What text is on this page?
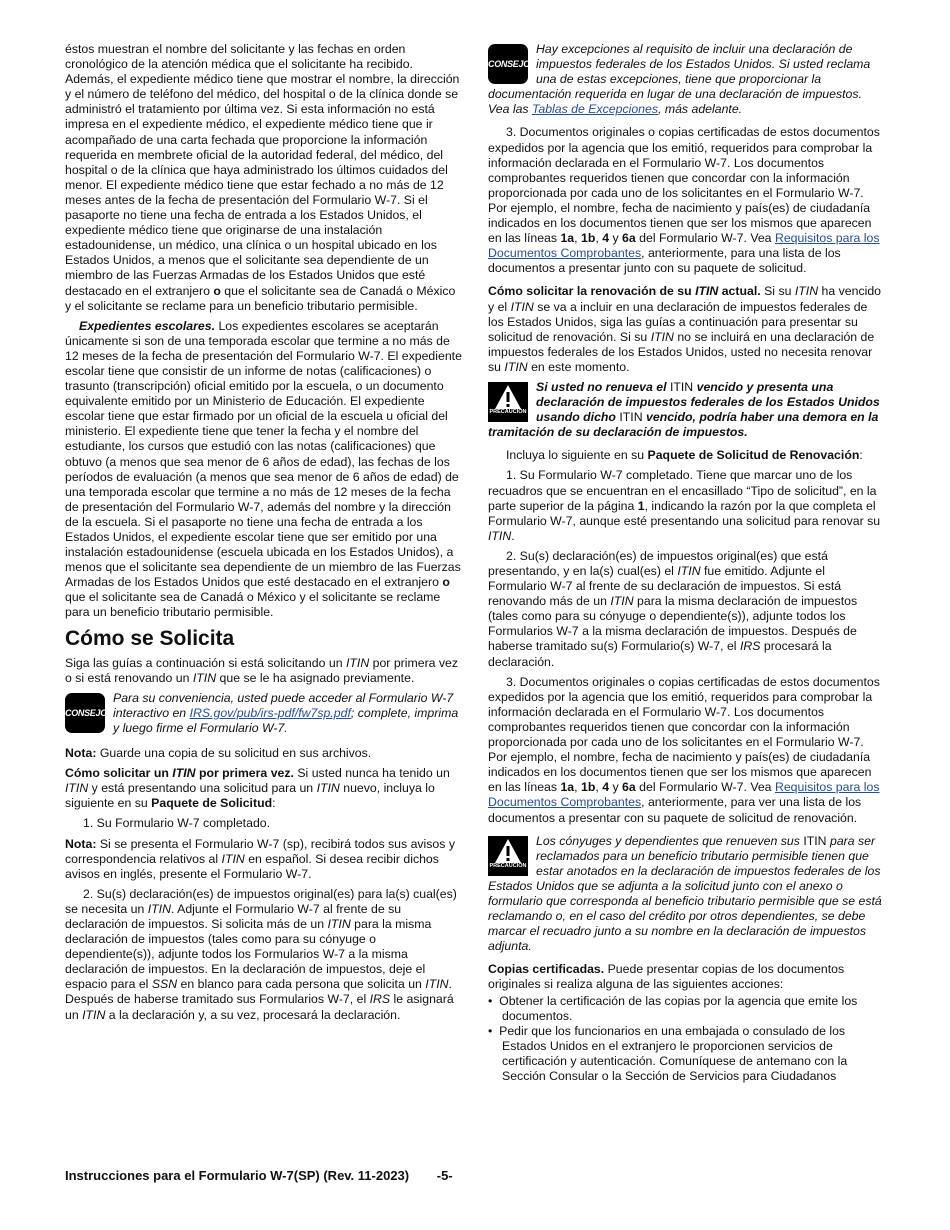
éstos muestran el nombre del solicitante y las fechas en orden cronológico de la atención médica que el solicitante ha recibido. Además, el expediente médico tiene que mostrar el nombre, la dirección y el número de teléfono del médico, del hospital o de la clínica donde se administró el tratamiento por última vez. Si esta información no está impresa en el expediente médico, el expediente médico tiene que ir acompañado de una carta fechada que proporcione la información requerida en membrete oficial de la autoridad federal, del médico, del hospital o de la clínica que haya administrado los últimos cuidados del menor. El expediente médico tiene que estar fechado a no más de 12 meses antes de la fecha de presentación del Formulario W-7. Si el pasaporte no tiene una fecha de entrada a los Estados Unidos, el expediente médico tiene que originarse de una instalación estadounidense, un médico, una clínica o un hospital ubicado en los Estados Unidos, a menos que el solicitante sea dependiente de un miembro de las Fuerzas Armadas de los Estados Unidos que esté destacado en el extranjero o que el solicitante sea de Canadá o México y el solicitante se reclame para un beneficio tributario permisible.

Expedientes escolares. Los expedientes escolares se aceptarán únicamente si son de una temporada escolar que termine a no más de 12 meses de la fecha de presentación del Formulario W-7. El expediente escolar tiene que consistir de un informe de notas (calificaciones) o trasunto (transcripción) oficial emitido por la escuela, o un documento equivalente emitido por un Ministerio de Educación. El expediente escolar tiene que estar firmado por un oficial de la escuela u oficial del ministerio. El expediente tiene que tener la fecha y el nombre del estudiante, los cursos que estudió con las notas (calificaciones) que obtuvo (a menos que sea menor de 6 años de edad), las fechas de los períodos de evaluación (a menos que sea menor de 6 años de edad) de una temporada escolar que termine a no más de 12 meses de la fecha de presentación del Formulario W-7, además del nombre y la dirección de la escuela. Si el pasaporte no tiene una fecha de entrada a los Estados Unidos, el expediente escolar tiene que ser emitido por una instalación estadounidense (escuela ubicada en los Estados Unidos), a menos que el solicitante sea dependiente de un miembro de las Fuerzas Armadas de los Estados Unidos que esté destacado en el extranjero o que el solicitante sea de Canadá o México y el solicitante se reclame para un beneficio tributario permisible.

Cómo se Solicita

Siga las guías a continuación si está solicitando un ITIN por primera vez o si está renovando un ITIN que se le ha asignado previamente.

CONSEJO
Para su conveniencia, usted puede acceder al Formulario W-7 interactivo en IRS.gov/pub/irs-pdf/fw7sp.pdf; complete, imprima y luego firme el Formulario W-7.

Nota: Guarde una copia de su solicitud en sus archivos.

Cómo solicitar un ITIN por primera vez. Si usted nunca ha tenido un ITIN y está presentando una solicitud para un ITIN nuevo, incluya lo siguiente en su Paquete de Solicitud:

1. Su Formulario W-7 completado.

Nota: Si se presenta el Formulario W-7 (sp), recibirá todos sus avisos y correspondencia relativos al ITIN en español. Si desea recibir dichos avisos en inglés, presente el Formulario W-7.

2. Su(s) declaración(es) de impuestos original(es) para la(s) cual(es) se necesita un ITIN. Adjunte el Formulario W-7 al frente de su declaración de impuestos. Si solicita más de un ITIN para la misma declaración de impuestos (tales como para su cónyuge o dependiente(s)), adjunte todos los Formularios W-7 a la misma declaración de impuestos. En la declaración de impuestos, deje el espacio para el SSN en blanco para cada persona que solicita un ITIN. Después de haberse tramitado sus Formularios W-7, el IRS le asignará un ITIN a la declaración y, a su vez, procesará la declaración.

CONSEJO
Hay excepciones al requisito de incluir una declaración de impuestos federales de los Estados Unidos. Si usted reclama una de estas excepciones, tiene que proporcionar la documentación requerida en lugar de una declaración de impuestos. Vea las Tablas de Excepciones, más adelante.

3. Documentos originales o copias certificadas de estos documentos expedidos por la agencia que los emitió, requeridos para comprobar la información declarada en el Formulario W-7. Los documentos comprobantes requeridos tienen que concordar con la información proporcionada por cada uno de los solicitantes en el Formulario W-7. Por ejemplo, el nombre, fecha de nacimiento y país(es) de ciudadanía indicados en los documentos tienen que ser los mismos que aparecen en las líneas 1a, 1b, 4 y 6a del Formulario W-7. Vea Requisitos para los Documentos Comprobantes, anteriormente, para una lista de los documentos a presentar junto con su paquete de solicitud.

Cómo solicitar la renovación de su ITIN actual. Si su ITIN ha vencido y el ITIN se va a incluir en una declaración de impuestos federales de los Estados Unidos, siga las guías a continuación para presentar su solicitud de renovación. Si su ITIN no se incluirá en una declaración de impuestos federales de los Estados Unidos, usted no necesita renovar su ITIN en este momento.

PRECAUCIÓN
Si usted no renueva el ITIN vencido y presenta una declaración de impuestos federales de los Estados Unidos usando dicho ITIN vencido, podría haber una demora en la tramitación de su declaración de impuestos.

Incluya lo siguiente en su Paquete de Solicitud de Renovación:

1. Su Formulario W-7 completado. Tiene que marcar uno de los recuadros que se encuentran en el encasillado “Tipo de solicitud”, en la parte superior de la página 1, indicando la razón por la que completa el Formulario W-7, aunque esté presentando una solicitud para renovar su ITIN.

2. Su(s) declaración(es) de impuestos original(es) que está presentando, y en la(s) cual(es) el ITIN fue emitido. Adjunte el Formulario W-7 al frente de su declaración de impuestos. Si está renovando más de un ITIN para la misma declaración de impuestos (tales como para su cónyuge o dependiente(s)), adjunte todos los Formularios W-7 a la misma declaración de impuestos. Después de haberse tramitado su(s) Formulario(s) W-7, el IRS procesará la declaración.

3. Documentos originales o copias certificadas de estos documentos expedidos por la agencia que los emitió, requeridos para comprobar la información declarada en el Formulario W-7. Los documentos comprobantes requeridos tienen que concordar con la información proporcionada por cada uno de los solicitantes en el Formulario W-7. Por ejemplo, el nombre, fecha de nacimiento y país(es) de ciudadanía indicados en los documentos tienen que ser los mismos que aparecen en las líneas 1a, 1b, 4 y 6a del Formulario W-7. Vea Requisitos para los Documentos Comprobantes, anteriormente, para ver una lista de los documentos a presentar con su paquete de solicitud de renovación.

PRECAUCIÓN
Los cónyuges y dependientes que renueven sus ITIN para ser reclamados para un beneficio tributario permisible tienen que estar anotados en la declaración de impuestos federales de los Estados Unidos que se adjunta a la solicitud junto con el anexo o formulario que corresponda al beneficio tributario permisible que se está reclamando o, en el caso del crédito por otros dependientes, se debe marcar el recuadro junto a su nombre en la declaración de impuestos adjunta.

Copias certificadas. Puede presentar copias de los documentos originales si realiza alguna de las siguientes acciones:

•  Obtener la certificación de las copias por la agencia que emite los documentos.

•  Pedir que los funcionarios en una embajada o consulado de los Estados Unidos en el extranjero le proporcionen servicios de certificación y autenticación. Comuníquese de antemano con la Sección Consular o la Sección de Servicios para Ciudadanos

Instrucciones para el Formulario W-7(SP) (Rev. 11-2023) -5-
